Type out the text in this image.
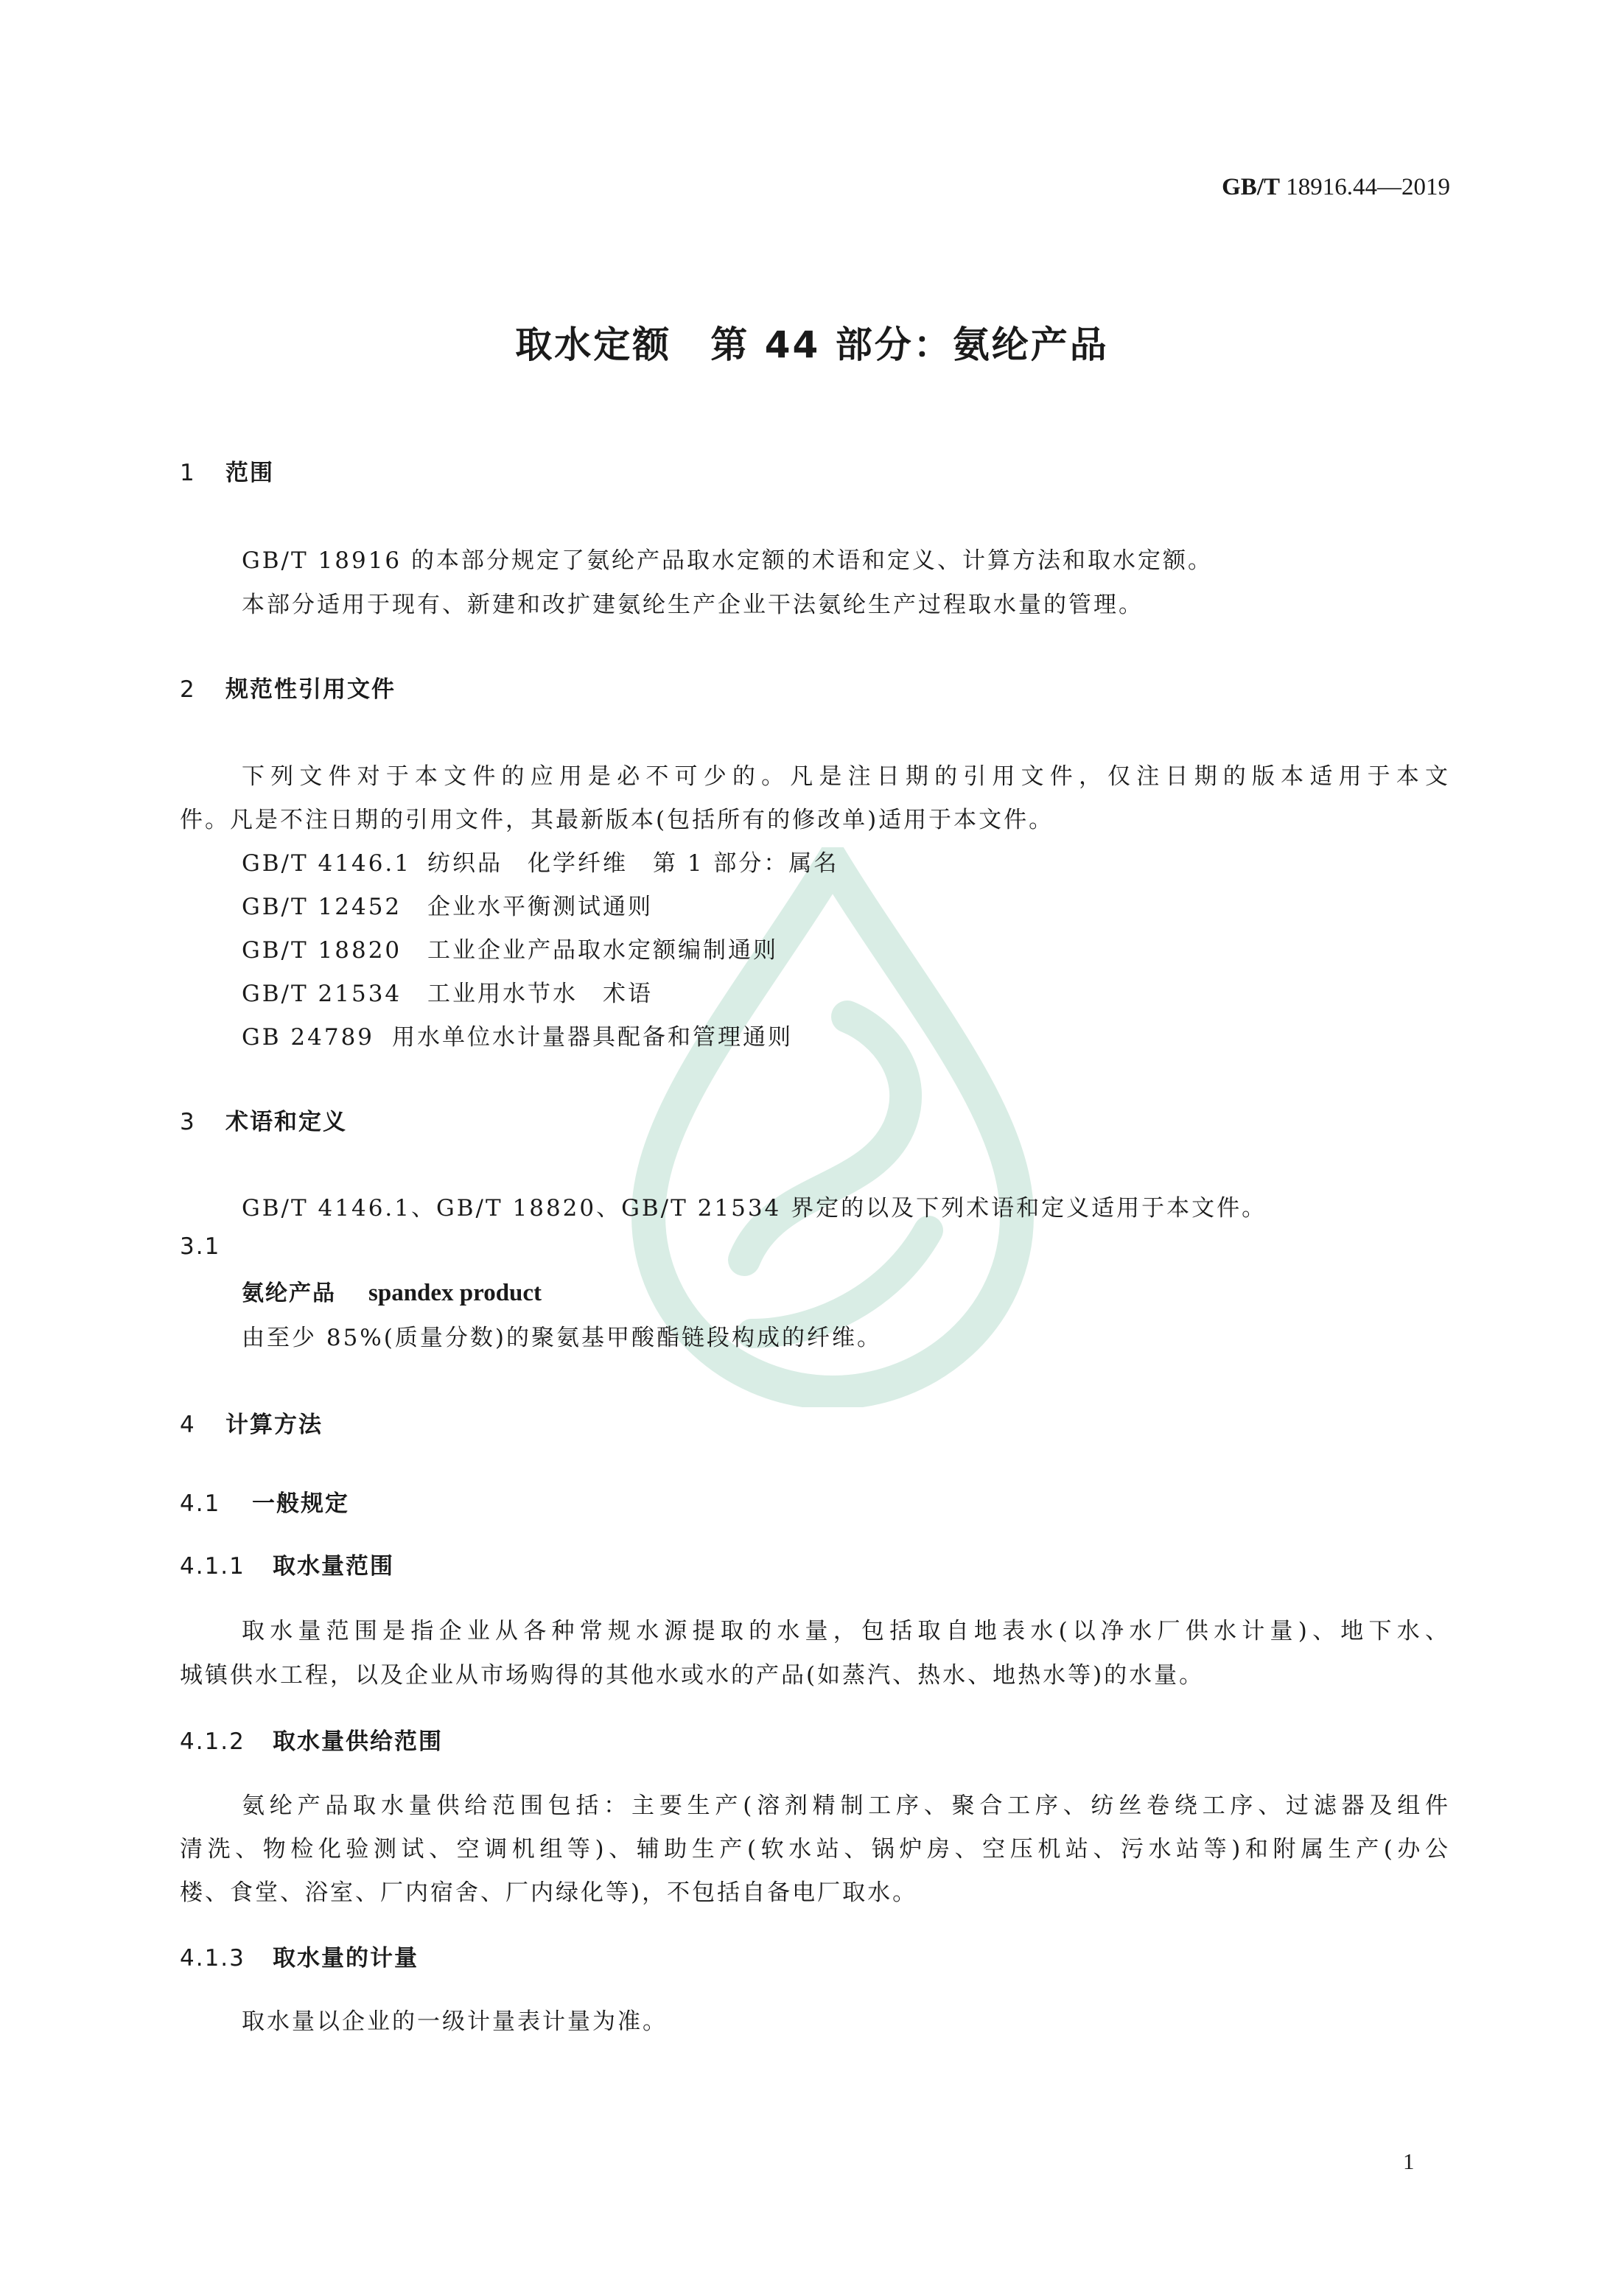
GB/T 18916.44—2019
取水定额　第 44 部分：氨纶产品
1 范围
GB/T 18916 的本部分规定了氨纶产品取水定额的术语和定义、计算方法和取水定额。
本部分适用于现有、新建和改扩建氨纶生产企业干法氨纶生产过程取水量的管理。
2 规范性引用文件
下列文件对于本文件的应用是必不可少的。凡是注日期的引用文件，仅注日期的版本适用于本文
件。凡是不注日期的引用文件，其最新版本(包括所有的修改单)适用于本文件。
GB/T 4146.1 纺织品　化学纤维　第 1 部分：属名
GB/T 12452 企业水平衡测试通则
GB/T 18820 工业企业产品取水定额编制通则
GB/T 21534 工业用水节水　术语
GB 24789 用水单位水计量器具配备和管理通则
3 术语和定义
GB/T 4146.1、GB/T 18820、GB/T 21534 界定的以及下列术语和定义适用于本文件。
3.1
氨纶产品 spandex product
由至少 85%(质量分数)的聚氨基甲酸酯链段构成的纤维。
4 计算方法
4.1 一般规定
4.1.1 取水量范围
取水量范围是指企业从各种常规水源提取的水量，包括取自地表水(以净水厂供水计量)、地下水、
城镇供水工程，以及企业从市场购得的其他水或水的产品(如蒸汽、热水、地热水等)的水量。
4.1.2 取水量供给范围
氨纶产品取水量供给范围包括：主要生产(溶剂精制工序、聚合工序、纺丝卷绕工序、过滤器及组件
清洗、物检化验测试、空调机组等)、辅助生产(软水站、锅炉房、空压机站、污水站等)和附属生产(办公
楼、食堂、浴室、厂内宿舍、厂内绿化等)，不包括自备电厂取水。
4.1.3 取水量的计量
取水量以企业的一级计量表计量为准。
1
